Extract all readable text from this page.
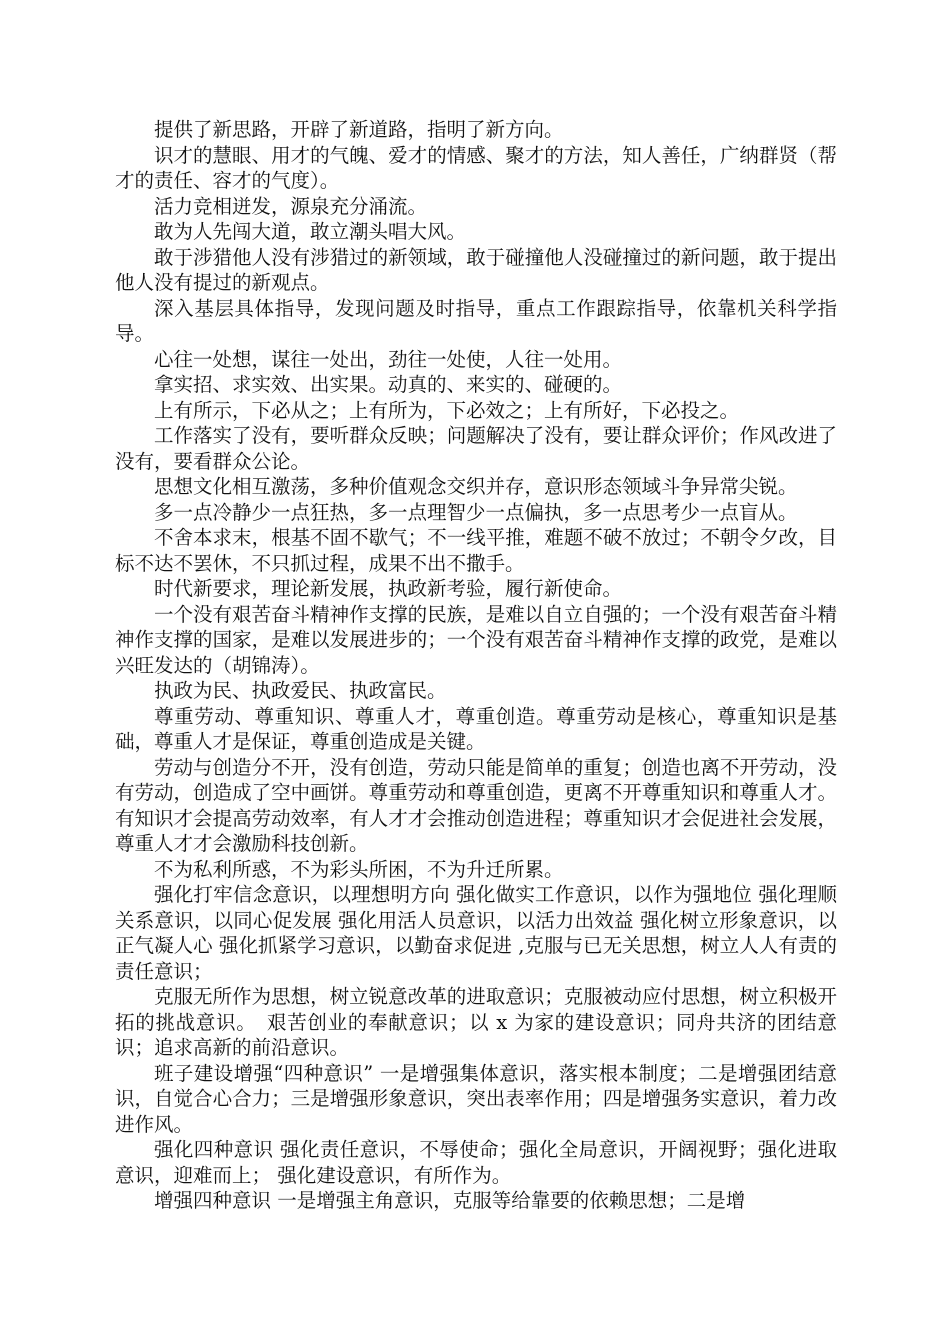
提供了新思路，开辟了新道路，指明了新方向。

识才的慧眼、用才的气魄、爱才的情感、聚才的方法，知人善任，广纳群贤（帮才的责任、容才的气度）。

活力竞相迸发，源泉充分涌流。

敢为人先闯大道，敢立潮头唱大风。

敢于涉猎他人没有涉猎过的新领域，敢于碰撞他人没碰撞过的新问题，敢于提出他人没有提过的新观点。

深入基层具体指导，发现问题及时指导，重点工作跟踪指导，依靠机关科学指导。

心往一处想，谋往一处出，劲往一处使，人往一处用。

拿实招、求实效、出实果。动真的、来实的、碰硬的。

上有所示，下必从之；上有所为，下必效之；上有所好，下必投之。

工作落实了没有，要听群众反映；问题解决了没有，要让群众评价；作风改进了没有，要看群众公论。

思想文化相互激荡，多种价值观念交织并存，意识形态领域斗争异常尖锐。

多一点冷静少一点狂热，多一点理智少一点偏执，多一点思考少一点盲从。

不舍本求末，根基不固不歇气；不一线平推，难题不破不放过；不朝令夕改，目标不达不罢休，不只抓过程，成果不出不撒手。

时代新要求，理论新发展，执政新考验，履行新使命。

一个没有艰苦奋斗精神作支撑的民族，是难以自立自强的；一个没有艰苦奋斗精神作支撑的国家，是难以发展进步的；一个没有艰苦奋斗精神作支撑的政党，是难以兴旺发达的（胡锦涛）。

执政为民、执政爱民、执政富民。

尊重劳动、尊重知识、尊重人才，尊重创造。尊重劳动是核心，尊重知识是基础，尊重人才是保证，尊重创造成是关键。

劳动与创造分不开，没有创造，劳动只能是简单的重复；创造也离不开劳动，没有劳动，创造成了空中画饼。尊重劳动和尊重创造，更离不开尊重知识和尊重人才。有知识才会提高劳动效率，有人才才会推动创造进程；尊重知识才会促进社会发展，尊重人才才会激励科技创新。

不为私利所惑，不为彩头所困，不为升迁所累。

强化打牢信念意识，以理想明方向 强化做实工作意识，以作为强地位 强化理顺关系意识，以同心促发展 强化用活人员意识，以活力出效益 强化树立形象意识，以正气凝人心 强化抓紧学习意识，以勤奋求促进 ,克服与已无关思想，树立人人有责的责任意识；

克服无所作为思想，树立锐意改革的进取意识；克服被动应付思想，树立积极开拓的挑战意识。　艰苦创业的奉献意识；以 x 为家的建设意识；同舟共济的团结意识；追求高新的前沿意识。

班子建设增强“四种意识” 一是增强集体意识，落实根本制度；二是增强团结意识，自觉合心合力；三是增强形象意识，突出表率作用；四是增强务实意识，着力改进作风。

强化四种意识 强化责任意识，不辱使命；强化全局意识，开阔视野；强化进取意识，迎难而上； 强化建设意识，有所作为。

增强四种意识 一是增强主角意识，克服等给靠要的依赖思想；二是增
